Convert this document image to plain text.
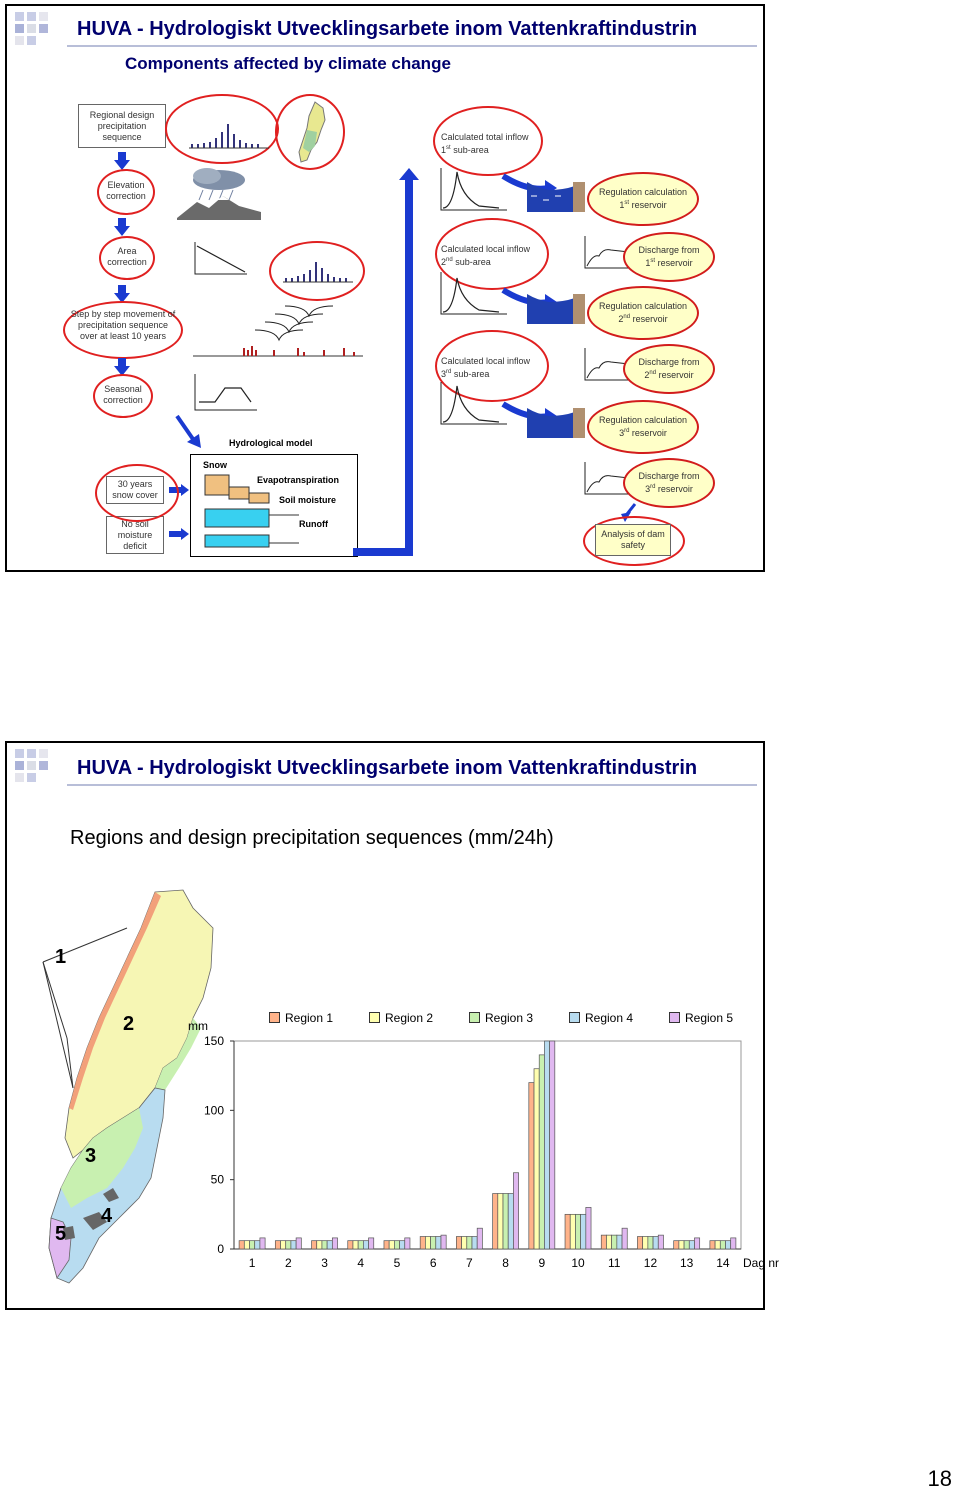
HUVA - Hydrologiskt Utvecklingsarbete inom Vattenkraftindustrin
Components affected by climate change
Regional design precipitation sequence
Elevation correction
Area correction
Step by step movement of precipitation sequence over at least 10 years
Seasonal correction
Hydrological model
Snow
Evapotranspiration
Soil moisture
Runoff
30 years snow cover
No soil moisture deficit
Calculated total inflow
1st sub-area
Regulation calculation
1st reservoir
Calculated local inflow
2nd sub-area
Discharge from
1st reservoir
Regulation calculation
2nd reservoir
Calculated local inflow
3rd sub-area
Discharge from
2nd reservoir
Regulation calculation
3rd reservoir
Discharge from
3rd reservoir
Analysis of dam safety
HUVA - Hydrologiskt Utvecklingsarbete inom Vattenkraftindustrin
Regions and design precipitation sequences (mm/24h)
1
2
3
4
5
mm
Region 1	Region 2	Region 3	Region 4	Region 5
0
50
100
150
1 2 3 4 5 6 7 8 9 10 11 12 13 14 Dag nr
18
